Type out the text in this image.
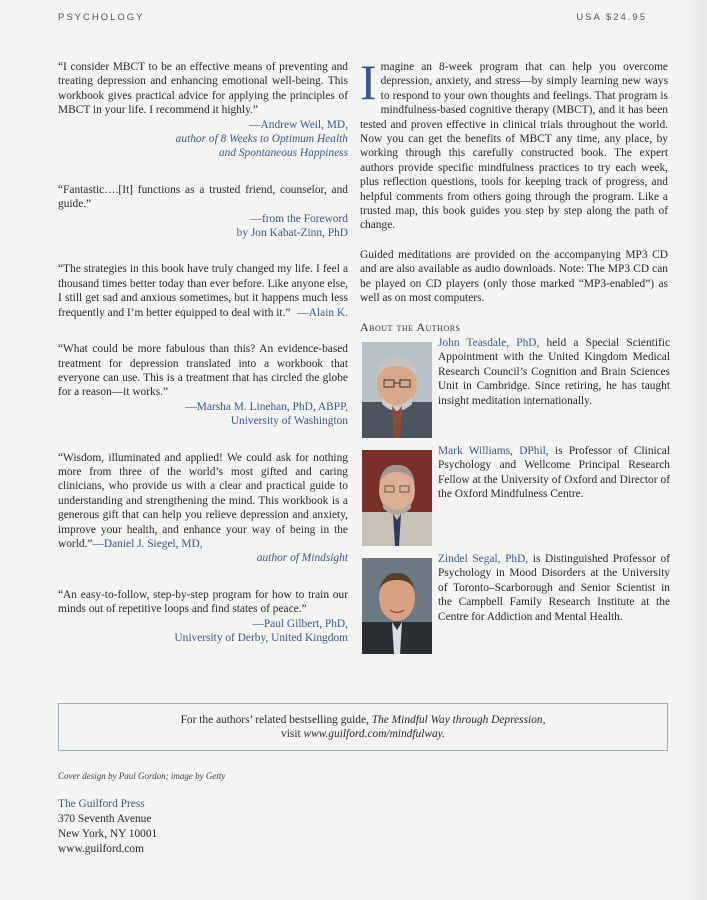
PSYCHOLOGY	USA $24.95

“I consider MBCT to be an effective means of preventing and treating depression and enhancing emotional well-being. This workbook gives practical advice for applying the principles of MBCT in your life. I recommend it highly.”

—Andrew Weil, MD,
author of 8 Weeks to Optimum Health
and Spontaneous Happiness

“Fantastic….[It] functions as a trusted friend, counselor, and guide.”

—from the Foreword
by Jon Kabat-Zinn, PhD

“The strategies in this book have truly changed my life. I feel a thousand times better today than ever before. Like anyone else, I still get sad and anxious sometimes, but it happens much less frequently and I’m better equipped to deal with it.” —Alain K.

“What could be more fabulous than this? An evidence-based treatment for depression translated into a workbook that everyone can use. This is a treatment that has circled the globe for a reason—it works.”

—Marsha M. Linehan, PhD, ABPP,
University of Washington

“Wisdom, illuminated and applied! We could ask for nothing more from three of the world’s most gifted and caring clinicians, who provide us with a clear and practical guide to understanding and strengthening the mind. This workbook is a generous gift that can help you relieve depression and anxiety, improve your health, and enhance your way of being in the world.”—Daniel J. Siegel, MD,

author of Mindsight

“An easy-to-follow, step-by-step program for how to train our minds out of repetitive loops and find states of peace.”

—Paul Gilbert, PhD,
University of Derby, United Kingdom
Imagine an 8-week program that can help you overcome depression, anxiety, and stress—by simply learning new ways to respond to your own thoughts and feelings. That program is mindfulness-based cognitive therapy (MBCT), and it has been tested and proven effective in clinical trials throughout the world. Now you can get the benefits of MBCT any time, any place, by working through this carefully constructed book. The expert authors provide specific mindfulness practices to try each week, plus reflection questions, tools for keeping track of progress, and helpful comments from others going through the program. Like a trusted map, this book guides you step by step along the path of change.

Guided meditations are provided on the accompanying MP3 CD and are also available as audio downloads. Note: The MP3 CD can be played on CD players (only those marked “MP3-enabled”) as well as on most computers.

About the Authors
John Teasdale, PhD, held a Special Scientific Appointment with the United Kingdom Medical Research Council’s Cognition and Brain Sciences Unit in Cambridge. Since retiring, he has taught insight meditation internationally.
Mark Williams, DPhil, is Professor of Clinical Psychology and Wellcome Principal Research Fellow at the University of Oxford and Director of the Oxford Mindfulness Centre.
Zindel Segal, PhD, is Distinguished Professor of Psychology in Mood Disorders at the University of Toronto–Scarborough and Senior Scientist in the Campbell Family Research Institute at the Centre for Addiction and Mental Health.
For the authors’ related bestselling guide, The Mindful Way through Depression,
visit www.guilford.com/mindfulway.
Cover design by Paul Gordon; image by Getty
The Guilford Press
370 Seventh Avenue
New York, NY 10001
www.guilford.com
